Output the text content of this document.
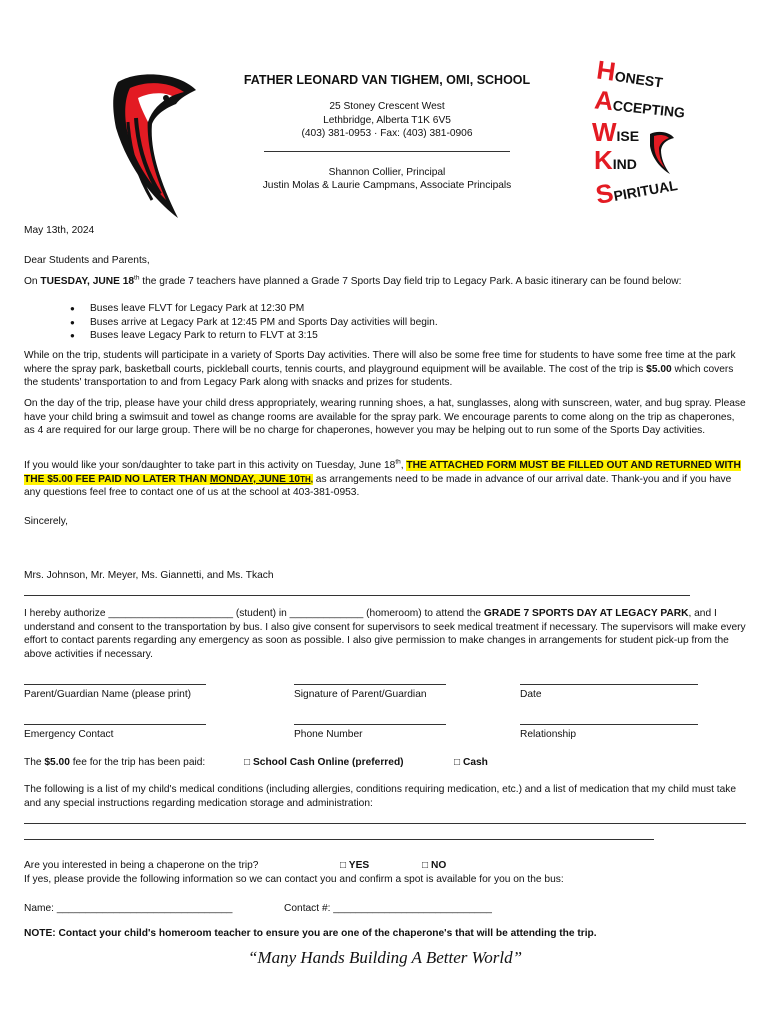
FATHER LEONARD VAN TIGHEM, OMI, SCHOOL
25 Stoney Crescent West
Lethbridge, Alberta T1K 6V5
(403) 381-0953 · Fax: (403) 381-0906
Shannon Collier, Principal
Justin Molas & Laurie Campmans, Associate Principals
HONEST
ACCEPTING
WISE
KIND
SPIRITUAL
May 13th, 2024
Dear Students and Parents,
On TUESDAY, JUNE 18th the grade 7 teachers have planned a Grade 7 Sports Day field trip to Legacy Park. A basic itinerary can be found below:
● Buses leave FLVT for Legacy Park at 12:30 PM
● Buses arrive at Legacy Park at 12:45 PM and Sports Day activities will begin.
● Buses leave Legacy Park to return to FLVT at 3:15
While on the trip, students will participate in a variety of Sports Day activities. There will also be some free time for students to have some free time at the park where the spray park, basketball courts, pickleball courts, tennis courts, and playground equipment will be available. The cost of the trip is $5.00 which covers the students' transportation to and from Legacy Park along with snacks and prizes for students.
On the day of the trip, please have your child dress appropriately, wearing running shoes, a hat, sunglasses, along with sunscreen, water, and bug spray. Please have your child bring a swimsuit and towel as change rooms are available for the spray park. We encourage parents to come along on the trip as chaperones, as 4 are required for our large group. There will be no charge for chaperones, however you may be helping out to run some of the Sports Day activities.
If you would like your son/daughter to take part in this activity on Tuesday, June 18th, THE ATTACHED FORM MUST BE FILLED OUT AND RETURNED WITH THE $5.00 FEE PAID NO LATER THAN MONDAY, JUNE 10TH, as arrangements need to be made in advance of our arrival date. Thank-you and if you have any questions feel free to contact one of us at the school at 403-381-0953.
Sincerely,
Mrs. Johnson, Mr. Meyer, Ms. Giannetti, and Ms. Tkach
I hereby authorize ______________________ (student) in _____________ (homeroom) to attend the GRADE 7 SPORTS DAY AT LEGACY PARK, and I understand and consent to the transportation by bus. I also give consent for supervisors to seek medical treatment if necessary. The supervisors will make every effort to contact parents regarding any emergency as soon as possible. I also give permission to make changes in arrangements for student pick-up from the above activities if necessary.
Parent/Guardian Name (please print)	Signature of Parent/Guardian	Date
Emergency Contact	Phone Number	Relationship
The $5.00 fee for the trip has been paid:	□ School Cash Online (preferred)	□ Cash
The following is a list of my child's medical conditions (including allergies, conditions requiring medication, etc.) and a list of medication that my child must take and any special instructions regarding medication storage and administration:
Are you interested in being a chaperone on the trip?	□ YES	□ NO
If yes, please provide the following information so we can contact you and confirm a spot is available for you on the bus:
Name: _______________________________	Contact #: ____________________________
NOTE: Contact your child's homeroom teacher to ensure you are one of the chaperone's that will be attending the trip.
“Many Hands Building A Better World”
